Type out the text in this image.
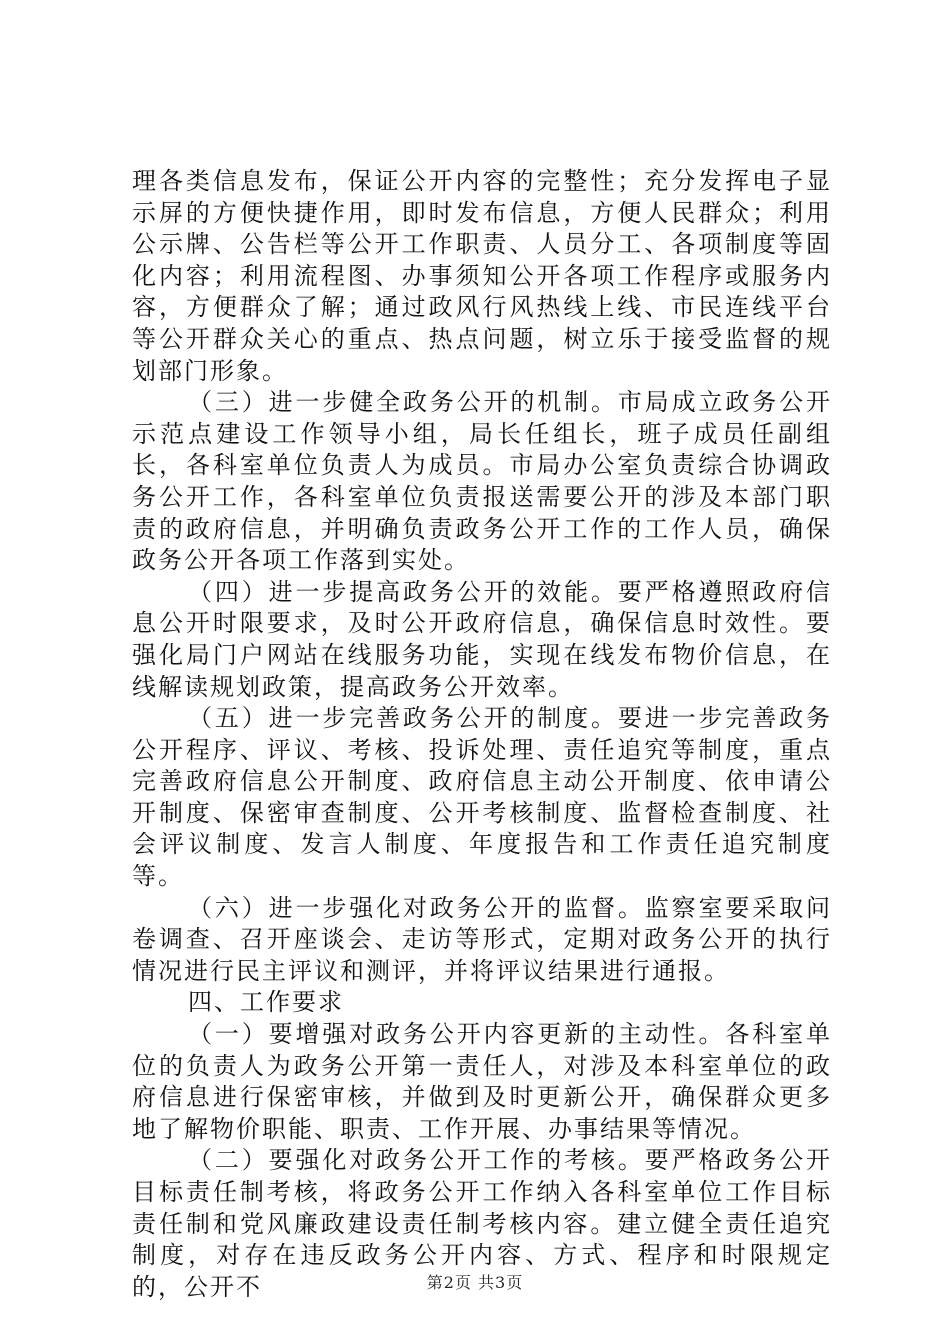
理各类信息发布，保证公开内容的完整性；充分发挥电子显示屏的方便快捷作用，即时发布信息，方便人民群众；利用公示牌、公告栏等公开工作职责、人员分工、各项制度等固化内容；利用流程图、办事须知公开各项工作程序或服务内容，方便群众了解；通过政风行风热线上线、市民连线平台等公开群众关心的重点、热点问题，树立乐于接受监督的规划部门形象。

（三）进一步健全政务公开的机制。市局成立政务公开示范点建设工作领导小组，局长任组长，班子成员任副组长，各科室单位负责人为成员。市局办公室负责综合协调政务公开工作，各科室单位负责报送需要公开的涉及本部门职责的政府信息，并明确负责政务公开工作的工作人员，确保政务公开各项工作落到实处。

（四）进一步提高政务公开的效能。要严格遵照政府信息公开时限要求，及时公开政府信息，确保信息时效性。要强化局门户网站在线服务功能，实现在线发布物价信息，在线解读规划政策，提高政务公开效率。

（五）进一步完善政务公开的制度。要进一步完善政务公开程序、评议、考核、投诉处理、责任追究等制度，重点完善政府信息公开制度、政府信息主动公开制度、依申请公开制度、保密审查制度、公开考核制度、监督检查制度、社会评议制度、发言人制度、年度报告和工作责任追究制度等。

（六）进一步强化对政务公开的监督。监察室要采取问卷调查、召开座谈会、走访等形式，定期对政务公开的执行情况进行民主评议和测评，并将评议结果进行通报。

四、工作要求

（一）要增强对政务公开内容更新的主动性。各科室单位的负责人为政务公开第一责任人，对涉及本科室单位的政府信息进行保密审核，并做到及时更新公开，确保群众更多地了解物价职能、职责、工作开展、办事结果等情况。

（二）要强化对政务公开工作的考核。要严格政务公开目标责任制考核，将政务公开工作纳入各科室单位工作目标责任制和党风廉政建设责任制考核内容。建立健全责任追究制度，对存在违反政务公开内容、方式、程序和时限规定的，公开不	第2页 共3页
